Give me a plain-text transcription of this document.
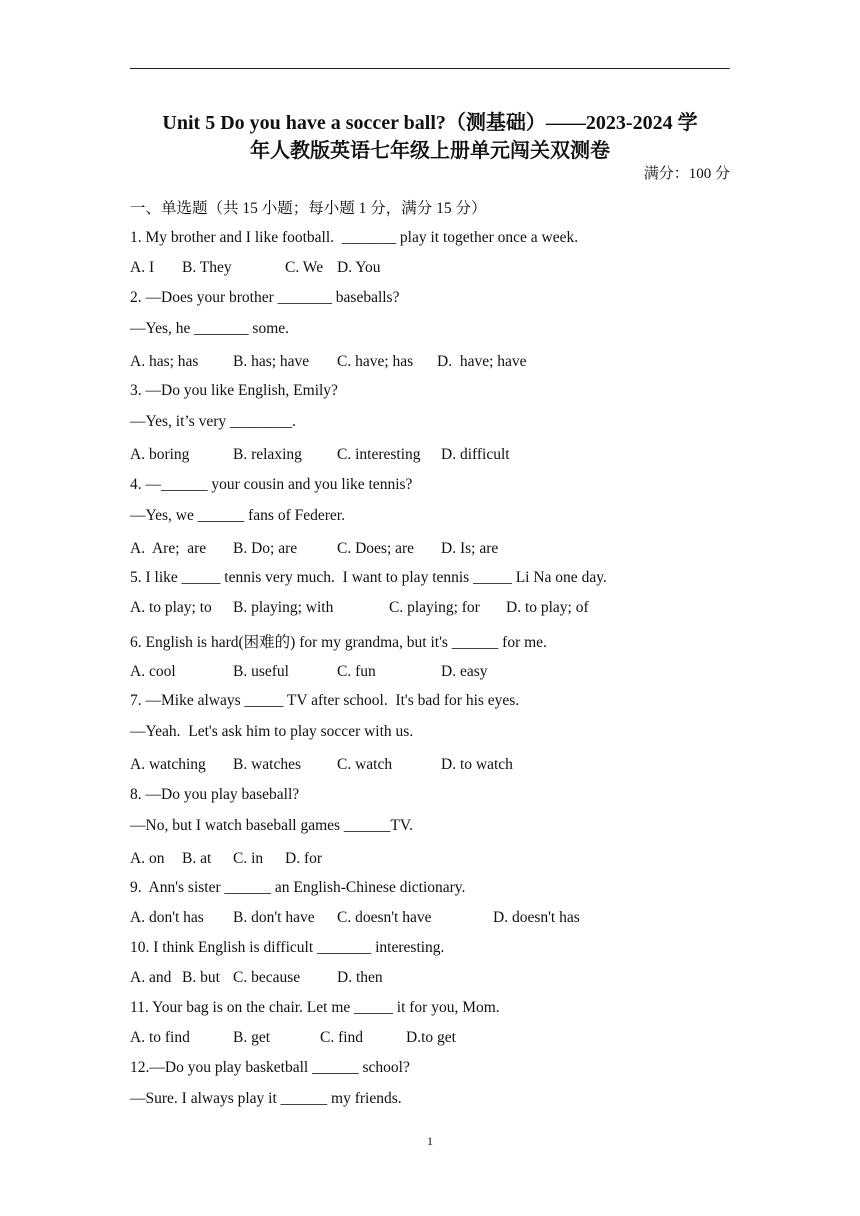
Unit 5 Do you have a soccer ball?（测基础）——2023-2024 学
年人教版英语七年级上册单元闯关双测卷
满分：100 分
一、单选题（共 15 小题；每小题 1 分，满分 15 分）
1. My brother and I like football.  _______ play it together once a week.
A. I B. They	C. We D. You
2. —Does your brother _______ baseballs?
—Yes, he _______ some.
A. has; has B. has; have C. have; has D.  have; have
3. —Do you like English, Emily?
—Yes, it’s very ________.
A. boring	B. relaxing C. interesting D. difficult
4. —______ your cousin and you like tennis?
—Yes, we ______ fans of Federer.
A.  Are;  are B. Do; are	C. Does; are D. Is; are
5. I like _____ tennis very much.  I want to play tennis _____ Li Na one day.
A. to play; to B. playing; with	C. playing; for D. to play; of
6. English is hard(困难的) for my grandma, but it's ______ for me.
A. cool	B. useful	C. fun	D. easy
7. —Mike always _____ TV after school.  It's bad for his eyes.
—Yeah.  Let's ask him to play soccer with us.
A. watching B. watches C. watch	D. to watch
8. —Do you play baseball?
—No, but I watch baseball games ______TV.
A. on B. at C. in D. for
9.  Ann's sister ______ an English-Chinese dictionary.
A. don't has B. don't have C. doesn't have	D. doesn't has
10. I think English is difficult _______ interesting.
A. and B. but C. because D. then
11. Your bag is on the chair. Let me _____ it for you, Mom.
A. to find	B. get	C. find	D.to get
12.—Do you play basketball ______ school?
—Sure. I always play it ______ my friends.
1
